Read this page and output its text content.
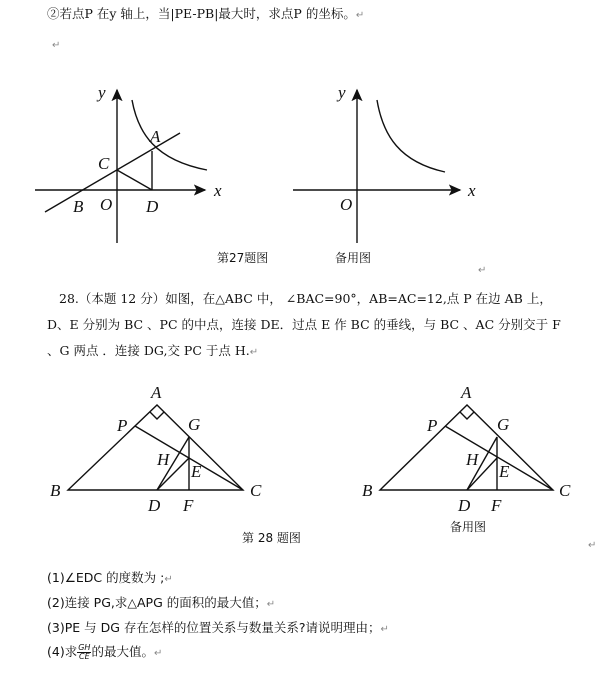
②若点P 在y 轴上，当|PE-PB|最大时，求点P 的坐标。↵
↵
y
x
A
C
B O D
y
x
O
第27题图	备用图
↵
28.（本题 12 分）如图，在△ABC 中， ∠BAC=90°，AB=AC=12,点 P 在边 AB 上， D、E 分别为 BC 、PC 的中点，连接 DE．过点 E 作 BC 的垂线，与 BC 、AC 分别交于 F 、G 两点 ．连接 DG,交 PC 于点 H.↵
A
P	G
H
E
B	C
D F
A
P	G
H
E
B	C
D F
第 28 题图
备用图
↵
(1)∠EDC 的度数为 ;↵
(2)连接 PG,求△APG 的面积的最大值；↵
(3)PE 与 DG 存在怎样的位置关系与数量关系?请说明理由；↵
(4)求 $\frac{GH}{CE}$ 的最大值。↵
